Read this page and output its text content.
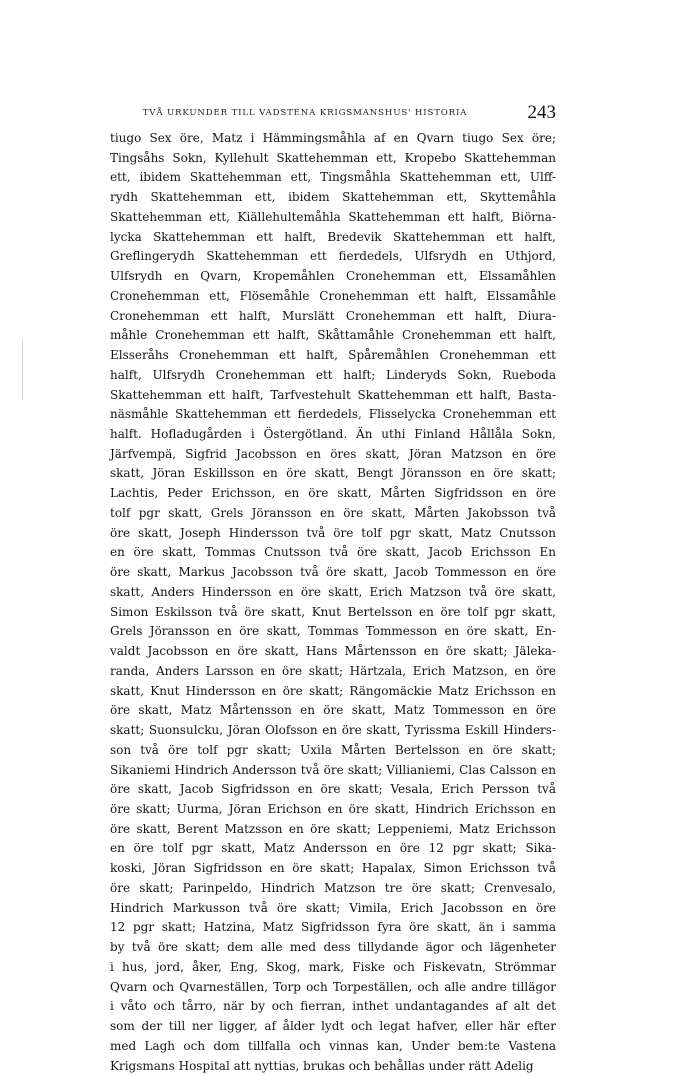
TVÅ URKUNDER TILL VADSTENA KRIGSMANSHUS' HISTORIA	243
tiugo Sex öre, Matz i Hämmingsmåhla af en Qvarn tiugo Sex öre;
Tingsåhs Sokn, Kyllehult Skattehemman ett, Kropebo Skattehemman
ett, ibidem Skattehemman ett, Tingsmåhla Skattehemman ett, Ulff-
rydh Skattehemman ett, ibidem Skattehemman ett, Skyttemåhla
Skattehemman ett, Kiällehultemåhla Skattehemman ett halft, Biörna-
lycka Skattehemman ett halft, Bredevik Skattehemman ett halft,
Greflingerydh Skattehemman ett fierdedels, Ulfsrydh en Uthjord,
Ulfsrydh en Qvarn, Kropemåhlen Cronehemman ett, Elssamåhlen
Cronehemman ett, Flösemåhle Cronehemman ett halft, Elssamåhle
Cronehemman ett halft, Murslätt Cronehemman ett halft, Diura-
måhle Cronehemman ett halft, Skåttamåhle Cronehemman ett halft,
Elsseråhs Cronehemman ett halft, Spåremåhlen Cronehemman ett
halft, Ulfsrydh Cronehemman ett halft; Linderyds Sokn, Rueboda
Skattehemman ett halft, Tarfvestehult Skattehemman ett halft, Basta-
näsmåhle Skattehemman ett fierdedels, Flisselycka Cronehemman ett
halft. Hofladugården i Östergötland. Än uthi Finland Hållåla Sokn,
Järfvempä, Sigfrid Jacobsson en öres skatt, Jöran Matzson en öre
skatt, Jöran Eskillsson en öre skatt, Bengt Jöransson en öre skatt;
Lachtis, Peder Erichsson, en öre skatt, Mårten Sigfridsson en öre
tolf pgr skatt, Grels Jöransson en öre skatt, Mårten Jakobsson två
öre skatt, Joseph Hindersson två öre tolf pgr skatt, Matz Cnutsson
en öre skatt, Tommas Cnutsson två öre skatt, Jacob Erichsson En
öre skatt, Markus Jacobsson två öre skatt, Jacob Tommesson en öre
skatt, Anders Hindersson en öre skatt, Erich Matzson två öre skatt,
Simon Eskilsson två öre skatt, Knut Bertelsson en öre tolf pgr skatt,
Grels Jöransson en öre skatt, Tommas Tommesson en öre skatt, En-
valdt Jacobsson en öre skatt, Hans Mårtensson en öre skatt; Jäleka-
randa, Anders Larsson en öre skatt; Härtzala, Erich Matzson, en öre
skatt, Knut Hindersson en öre skatt; Rängomäckie Matz Erichsson en
öre skatt, Matz Mårtensson en öre skatt, Matz Tommesson en öre
skatt; Suonsulcku, Jöran Olofsson en öre skatt, Tyrissma Eskill Hinders-
son två öre tolf pgr skatt; Uxila Mårten Bertelsson en öre skatt;
Sikaniemi Hindrich Andersson två öre skatt; Villianiemi, Clas Calsson en
öre skatt, Jacob Sigfridsson en öre skatt; Vesala, Erich Persson två
öre skatt; Uurma, Jöran Erichson en öre skatt, Hindrich Erichsson en
öre skatt, Berent Matzsson en öre skatt; Leppeniemi, Matz Erichsson
en öre tolf pgr skatt, Matz Andersson en öre 12 pgr skatt; Sika-
koski, Jöran Sigfridsson en öre skatt; Hapalax, Simon Erichsson två
öre skatt; Parinpeldo, Hindrich Matzson tre öre skatt; Crenvesalo,
Hindrich Markusson två öre skatt; Vimila, Erich Jacobsson en öre
12 pgr skatt; Hatzina, Matz Sigfridsson fyra öre skatt, än i samma
by två öre skatt; dem alle med dess tillydande ägor och lägenheter
i hus, jord, åker, Eng, Skog, mark, Fiske och Fiskevatn, Strömmar
Qvarn och Qvarneställen, Torp och Torpeställen, och alle andre tillägor
i våto och tårro, när by och fierran, inthet undantagandes af alt det
som der till ner ligger, af ålder lydt och legat hafver, eller här efter
med Lagh och dom tillfalla och vinnas kan, Under bem:te Vastena
Krigsmans Hospital att nyttias, brukas och behållas under rätt Adelig
